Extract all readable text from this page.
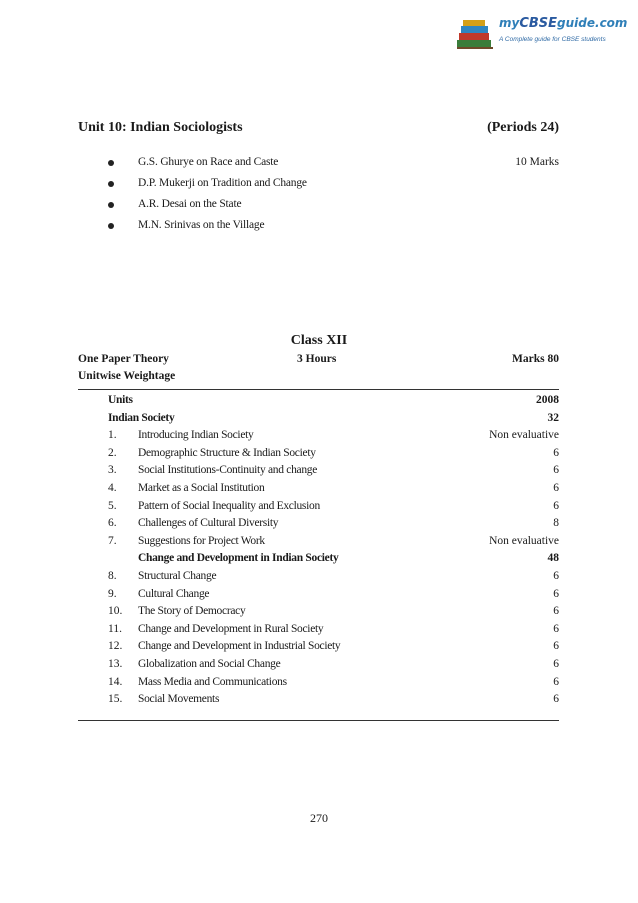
myCBSEguide.com
A Complete guide for CBSE students
Unit 10: Indian Sociologists	(Periods 24)
G.S. Ghurye on Race and Caste	10 Marks
D.P. Mukerji on Tradition and Change
A.R. Desai on the State
M.N. Srinivas on the Village
Class XII
One Paper Theory	3 Hours	Marks 80
Unitwise Weightage
Units	2008
Indian Society	32
1. Introducing Indian Society	Non evaluative
2. Demographic Structure & Indian Society	6
3. Social Institutions-Continuity and change	6
4. Market as a Social Institution	6
5. Pattern of Social Inequality and Exclusion	6
6. Challenges of Cultural Diversity	8
7. Suggestions for Project Work	Non evaluative
Change and Development in Indian Society	48
8. Structural Change	6
9. Cultural Change	6
10. The Story of Democracy	6
11. Change and Development in Rural Society	6
12. Change and Development in Industrial Society	6
13. Globalization and Social Change	6
14. Mass Media and Communications	6
15. Social Movements	6
270
